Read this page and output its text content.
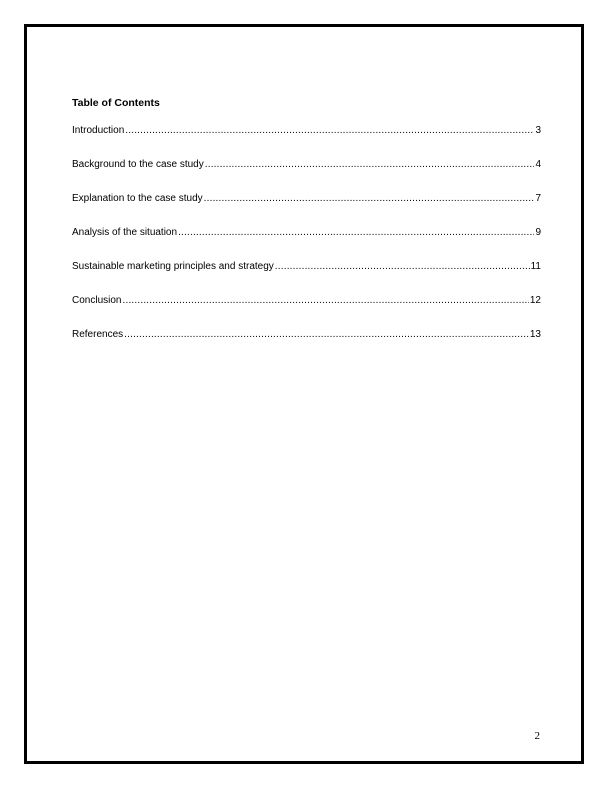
Table of Contents
Introduction .....	3
Background to the case study .....	4
Explanation to the case study .....	7
Analysis of the situation .....	9
Sustainable marketing principles and strategy .....	11
Conclusion .....	12
References .....	13
2
